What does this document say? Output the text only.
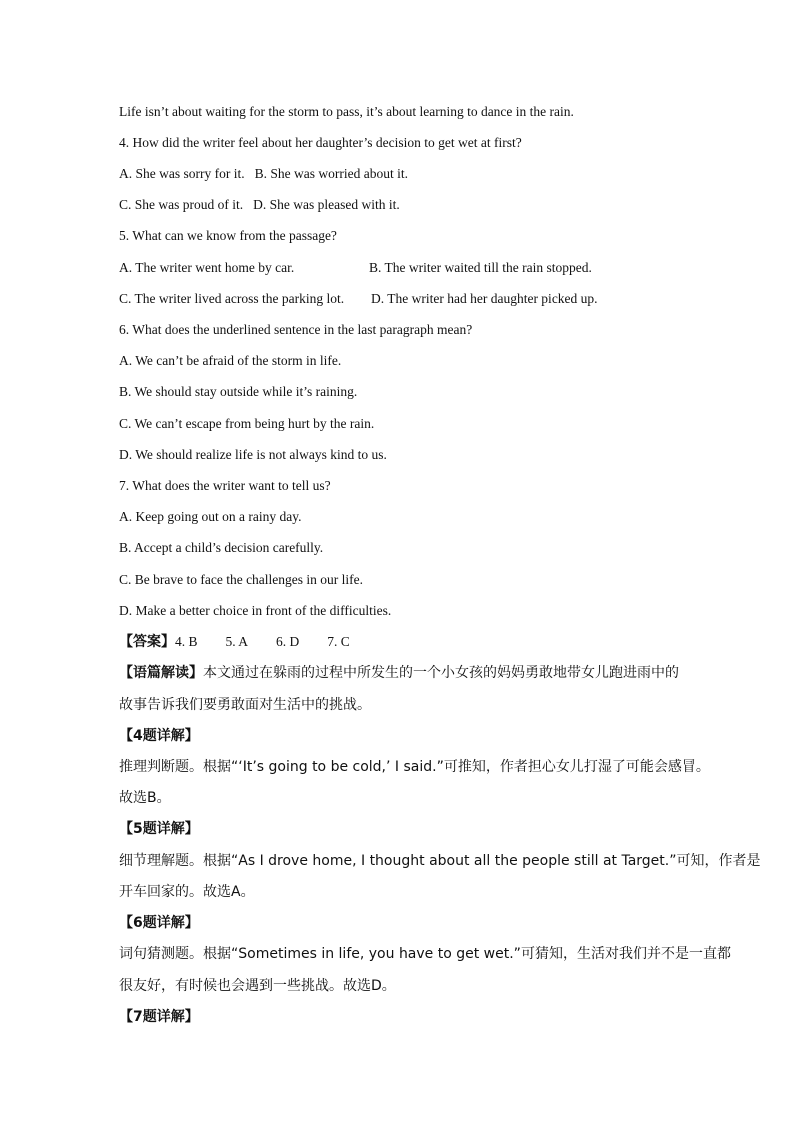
Life isn’t about waiting for the storm to pass, it’s about learning to dance in the rain.
4. How did the writer feel about her daughter’s decision to get wet at first?
A. She was sorry for it. B. She was worried about it.
C. She was proud of it. D. She was pleased with it.
5. What can we know from the passage?
A. The writer went home by car.	B. The writer waited till the rain stopped.
C. The writer lived across the parking lot. D. The writer had her daughter picked up.
6. What does the underlined sentence in the last paragraph mean?
A. We can’t be afraid of the storm in life.
B. We should stay outside while it’s raining.
C. We can’t escape from being hurt by the rain.
D. We should realize life is not always kind to us.
7. What does the writer want to tell us?
A. Keep going out on a rainy day.
B. Accept a child’s decision carefully.
C. Be brave to face the challenges in our life.
D. Make a better choice in front of the difficulties.
【答案】4. B 5. A 6. D 7. C
【语篇解读】本文通过在躲雨的过程中所发生的一个小女孩的妈妈勇敢地带女儿跑进雨中的
故事告诉我们要勇敢面对生活中的挑战。
【4题详解】
推理判断题。根据“‘It’s going to be cold,’ I said.”可推知，作者担心女儿打湿了可能会感冒。
故选B。
【5题详解】
细节理解题。根据“As I drove home, I thought about all the people still at Target.”可知，作者是
开车回家的。故选A。
【6题详解】
词句猜测题。根据“Sometimes in life, you have to get wet.”可猜知，生活对我们并不是一直都
很友好，有时候也会遇到一些挑战。故选D。
【7题详解】
